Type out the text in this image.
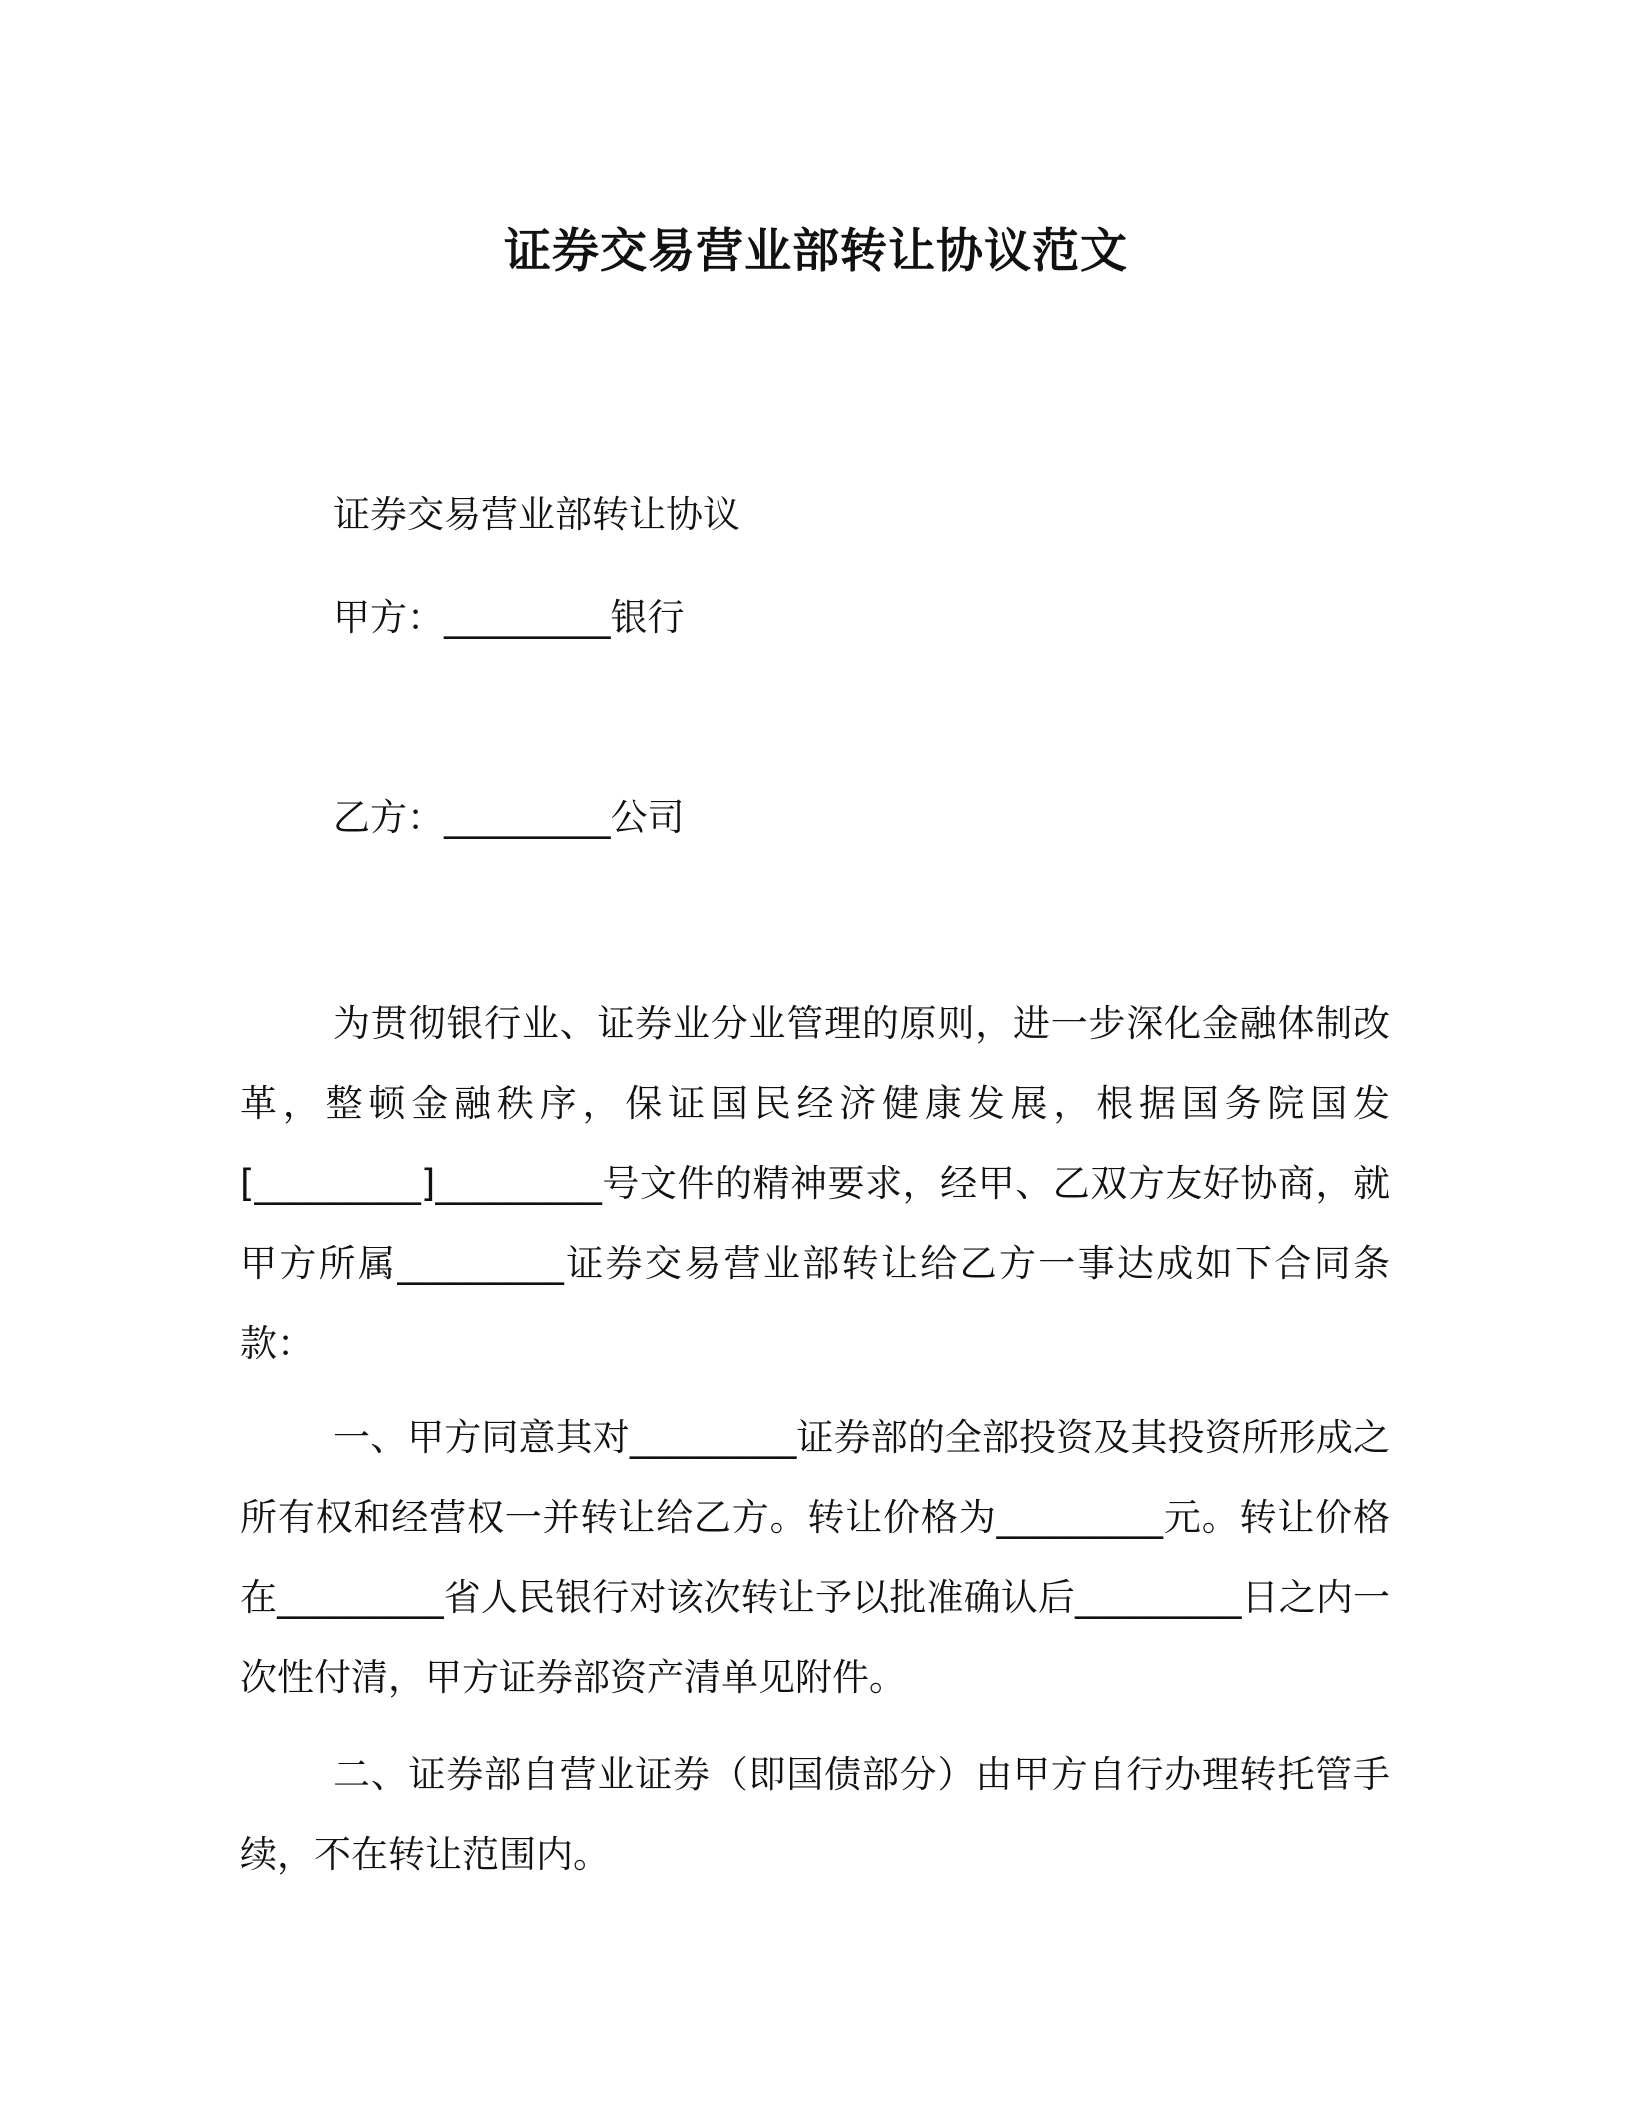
证券交易营业部转让协议范文
证券交易营业部转让协议
甲方：_________银行
乙方：_________公司

为贯彻银行业、证券业分业管理的原则，进一步深化金融体制改革，整顿金融秩序，保证国民经济健康发展，根据国务院国发[_________]_________号文件的精神要求，经甲、乙双方友好协商，就甲方所属_________证券交易营业部转让给乙方一事达成如下合同条款：

一、甲方同意其对_________证券部的全部投资及其投资所形成之所有权和经营权一并转让给乙方。转让价格为_________元。转让价格在_________省人民银行对该次转让予以批准确认后_________日之内一次性付清，甲方证券部资产清单见附件。

二、证券部自营业证券（即国债部分）由甲方自行办理转托管手续，不在转让范围内。
